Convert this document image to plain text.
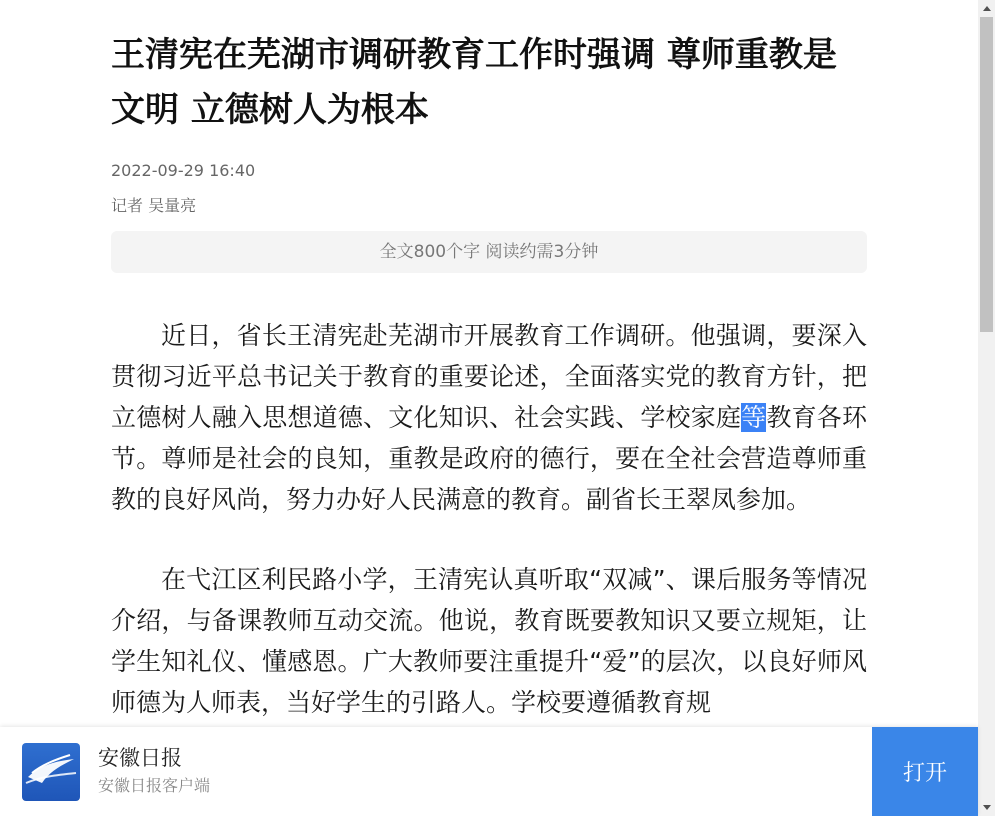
王清宪在芜湖市调研教育工作时强调 尊师重教是文明 立德树人为根本
2022-09-29 16:40
记者 吴量亮
全文800个字 阅读约需3分钟

近日，省长王清宪赴芜湖市开展教育工作调研。他强调，要深入贯彻习近平总书记关于教育的重要论述，全面落实党的教育方针，把立德树人融入思想道德、文化知识、社会实践、学校家庭等教育各环节。尊师是社会的良知，重教是政府的德行，要在全社会营造尊师重教的良好风尚，努力办好人民满意的教育。副省长王翠凤参加。

在弋江区利民路小学，王清宪认真听取“双减”、课后服务等情况介绍，与备课教师互动交流。他说，教育既要教知识又要立规矩，让学生知礼仪、懂感恩。广大教师要注重提升“爱”的层次，以良好师风师德为人师表，当好学生的引路人。学校要遵循教育规

安徽日报
安徽日报客户端	打开
